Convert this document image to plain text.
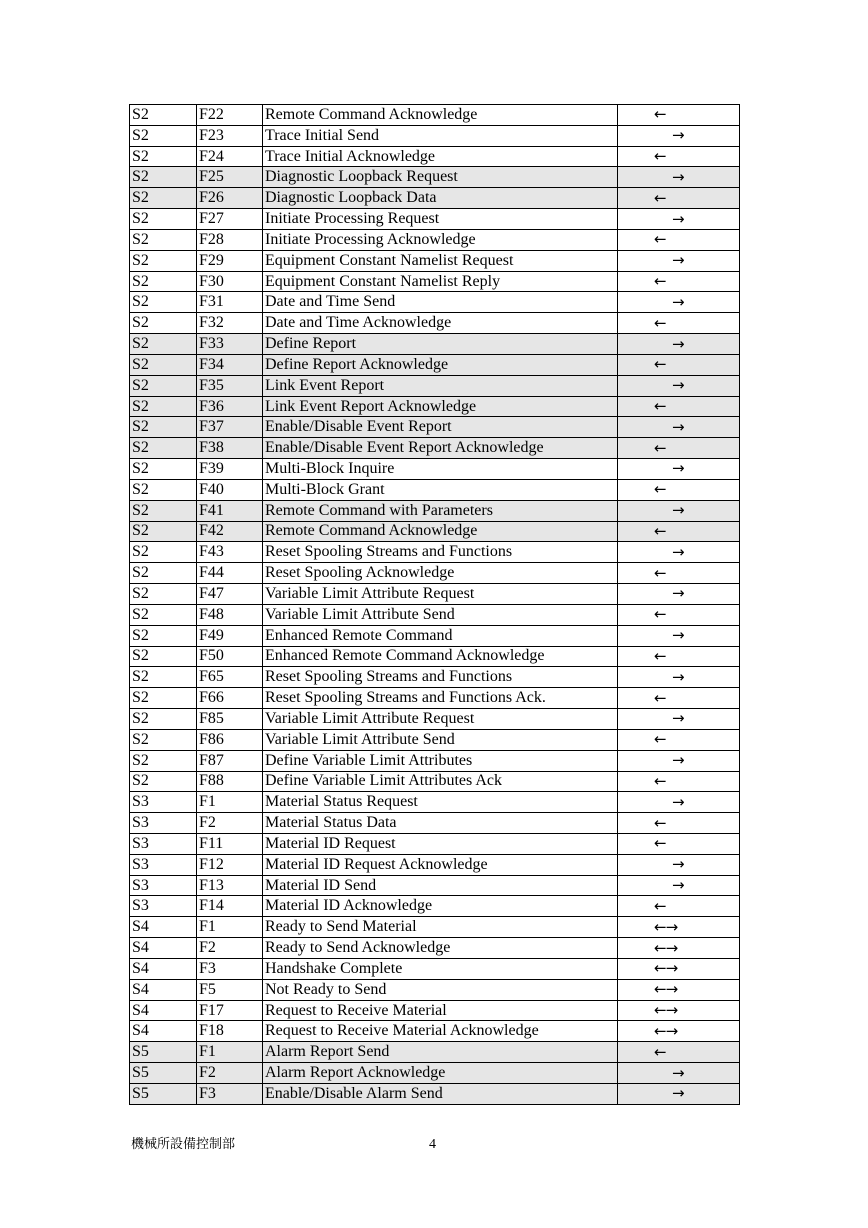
S2	F22	Remote Command Acknowledge	←

S2	F23	Trace Initial Send	→

S2	F24	Trace Initial Acknowledge	←

S2	F25	Diagnostic Loopback Request	→

S2	F26	Diagnostic Loopback Data	←

S2	F27	Initiate Processing Request	→

S2	F28	Initiate Processing Acknowledge	←

S2	F29	Equipment Constant Namelist Request	→

S2	F30	Equipment Constant Namelist Reply	←

S2	F31	Date and Time Send	→

S2	F32	Date and Time Acknowledge	←

S2	F33	Define Report	→

S2	F34	Define Report Acknowledge	←

S2	F35	Link Event Report	→

S2	F36	Link Event Report Acknowledge	←

S2	F37	Enable/Disable Event Report	→

S2	F38	Enable/Disable Event Report Acknowledge	←

S2	F39	Multi-Block Inquire	→

S2	F40	Multi-Block Grant	←

S2	F41	Remote Command with Parameters	→

S2	F42	Remote Command Acknowledge	←

S2	F43	Reset Spooling Streams and Functions	→

S2	F44	Reset Spooling Acknowledge	←

S2	F47	Variable Limit Attribute Request	→

S2	F48	Variable Limit Attribute Send	←

S2	F49	Enhanced Remote Command	→

S2	F50	Enhanced Remote Command Acknowledge	←

S2	F65	Reset Spooling Streams and Functions	→

S2	F66	Reset Spooling Streams and Functions Ack.	←

S2	F85	Variable Limit Attribute Request	→

S2	F86	Variable Limit Attribute Send	←

S2	F87	Define Variable Limit Attributes	→

S2	F88	Define Variable Limit Attributes Ack	←

S3	F1	Material Status Request	→

S3	F2	Material Status Data	←

S3	F11	Material ID Request	←

S3	F12	Material ID Request Acknowledge	→

S3	F13	Material ID Send	→

S3	F14	Material ID Acknowledge	←

S4	F1	Ready to Send Material	←→

S4	F2	Ready to Send Acknowledge	←→

S4	F3	Handshake Complete	←→

S4	F5	Not Ready to Send	←→

S4	F17	Request to Receive Material	←→

S4	F18	Request to Receive Material Acknowledge	←→

S5	F1	Alarm Report Send	←

S5	F2	Alarm Report Acknowledge	→

S5	F3	Enable/Disable Alarm Send	→
機械所設備控制部	4
